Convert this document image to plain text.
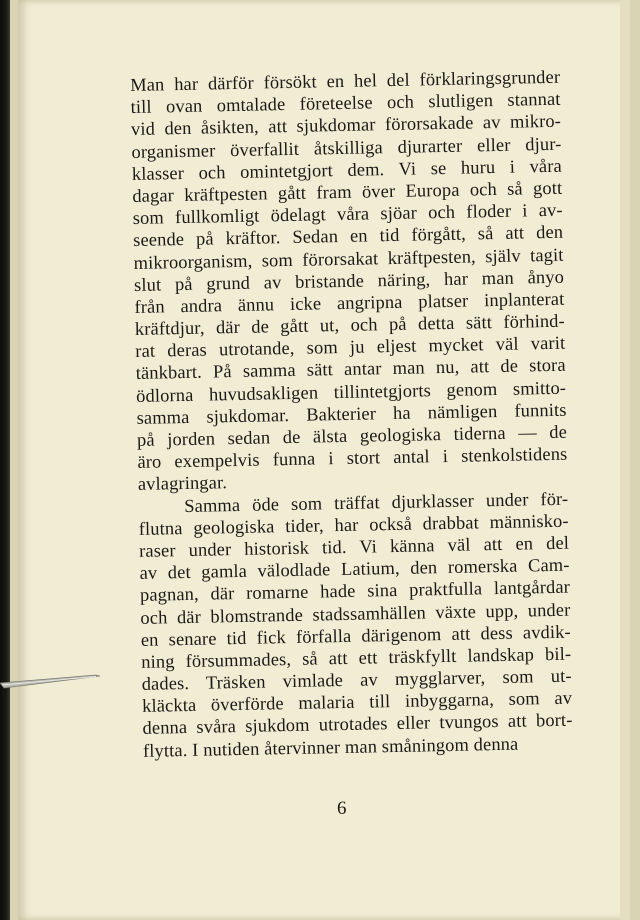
Man har därför försökt en hel del förklaringsgrunder
till ovan omtalade företeelse och slutligen stannat
vid den åsikten, att sjukdomar förorsakade av mikro-
organismer överfallit åtskilliga djurarter eller djur-
klasser och omintetgjort dem. Vi se huru i våra
dagar kräftpesten gått fram över Europa och så gott
som fullkomligt ödelagt våra sjöar och floder i av-
seende på kräftor. Sedan en tid förgått, så att den
mikroorganism, som förorsakat kräftpesten, själv tagit
slut på grund av bristande näring, har man ånyo
från andra ännu icke angripna platser inplanterat
kräftdjur, där de gått ut, och på detta sätt förhind-
rat deras utrotande, som ju eljest mycket väl varit
tänkbart. På samma sätt antar man nu, att de stora
ödlorna huvudsakligen tillintetgjorts genom smitto-
samma sjukdomar. Bakterier ha nämligen funnits
på jorden sedan de älsta geologiska tiderna — de
äro exempelvis funna i stort antal i stenkolstidens
avlagringar.
Samma öde som träffat djurklasser under för-
flutna geologiska tider, har också drabbat människo-
raser under historisk tid. Vi känna väl att en del
av det gamla välodlade Latium, den romerska Cam-
pagnan, där romarne hade sina praktfulla lantgårdar
och där blomstrande stadssamhällen växte upp, under
en senare tid fick förfalla därigenom att dess avdik-
ning försummades, så att ett träskfyllt landskap bil-
dades. Träsken vimlade av mygglarver, som ut-
kläckta överförde malaria till inbyggarna, som av
denna svåra sjukdom utrotades eller tvungos att bort-
flytta. I nutiden återvinner man småningom denna
6
